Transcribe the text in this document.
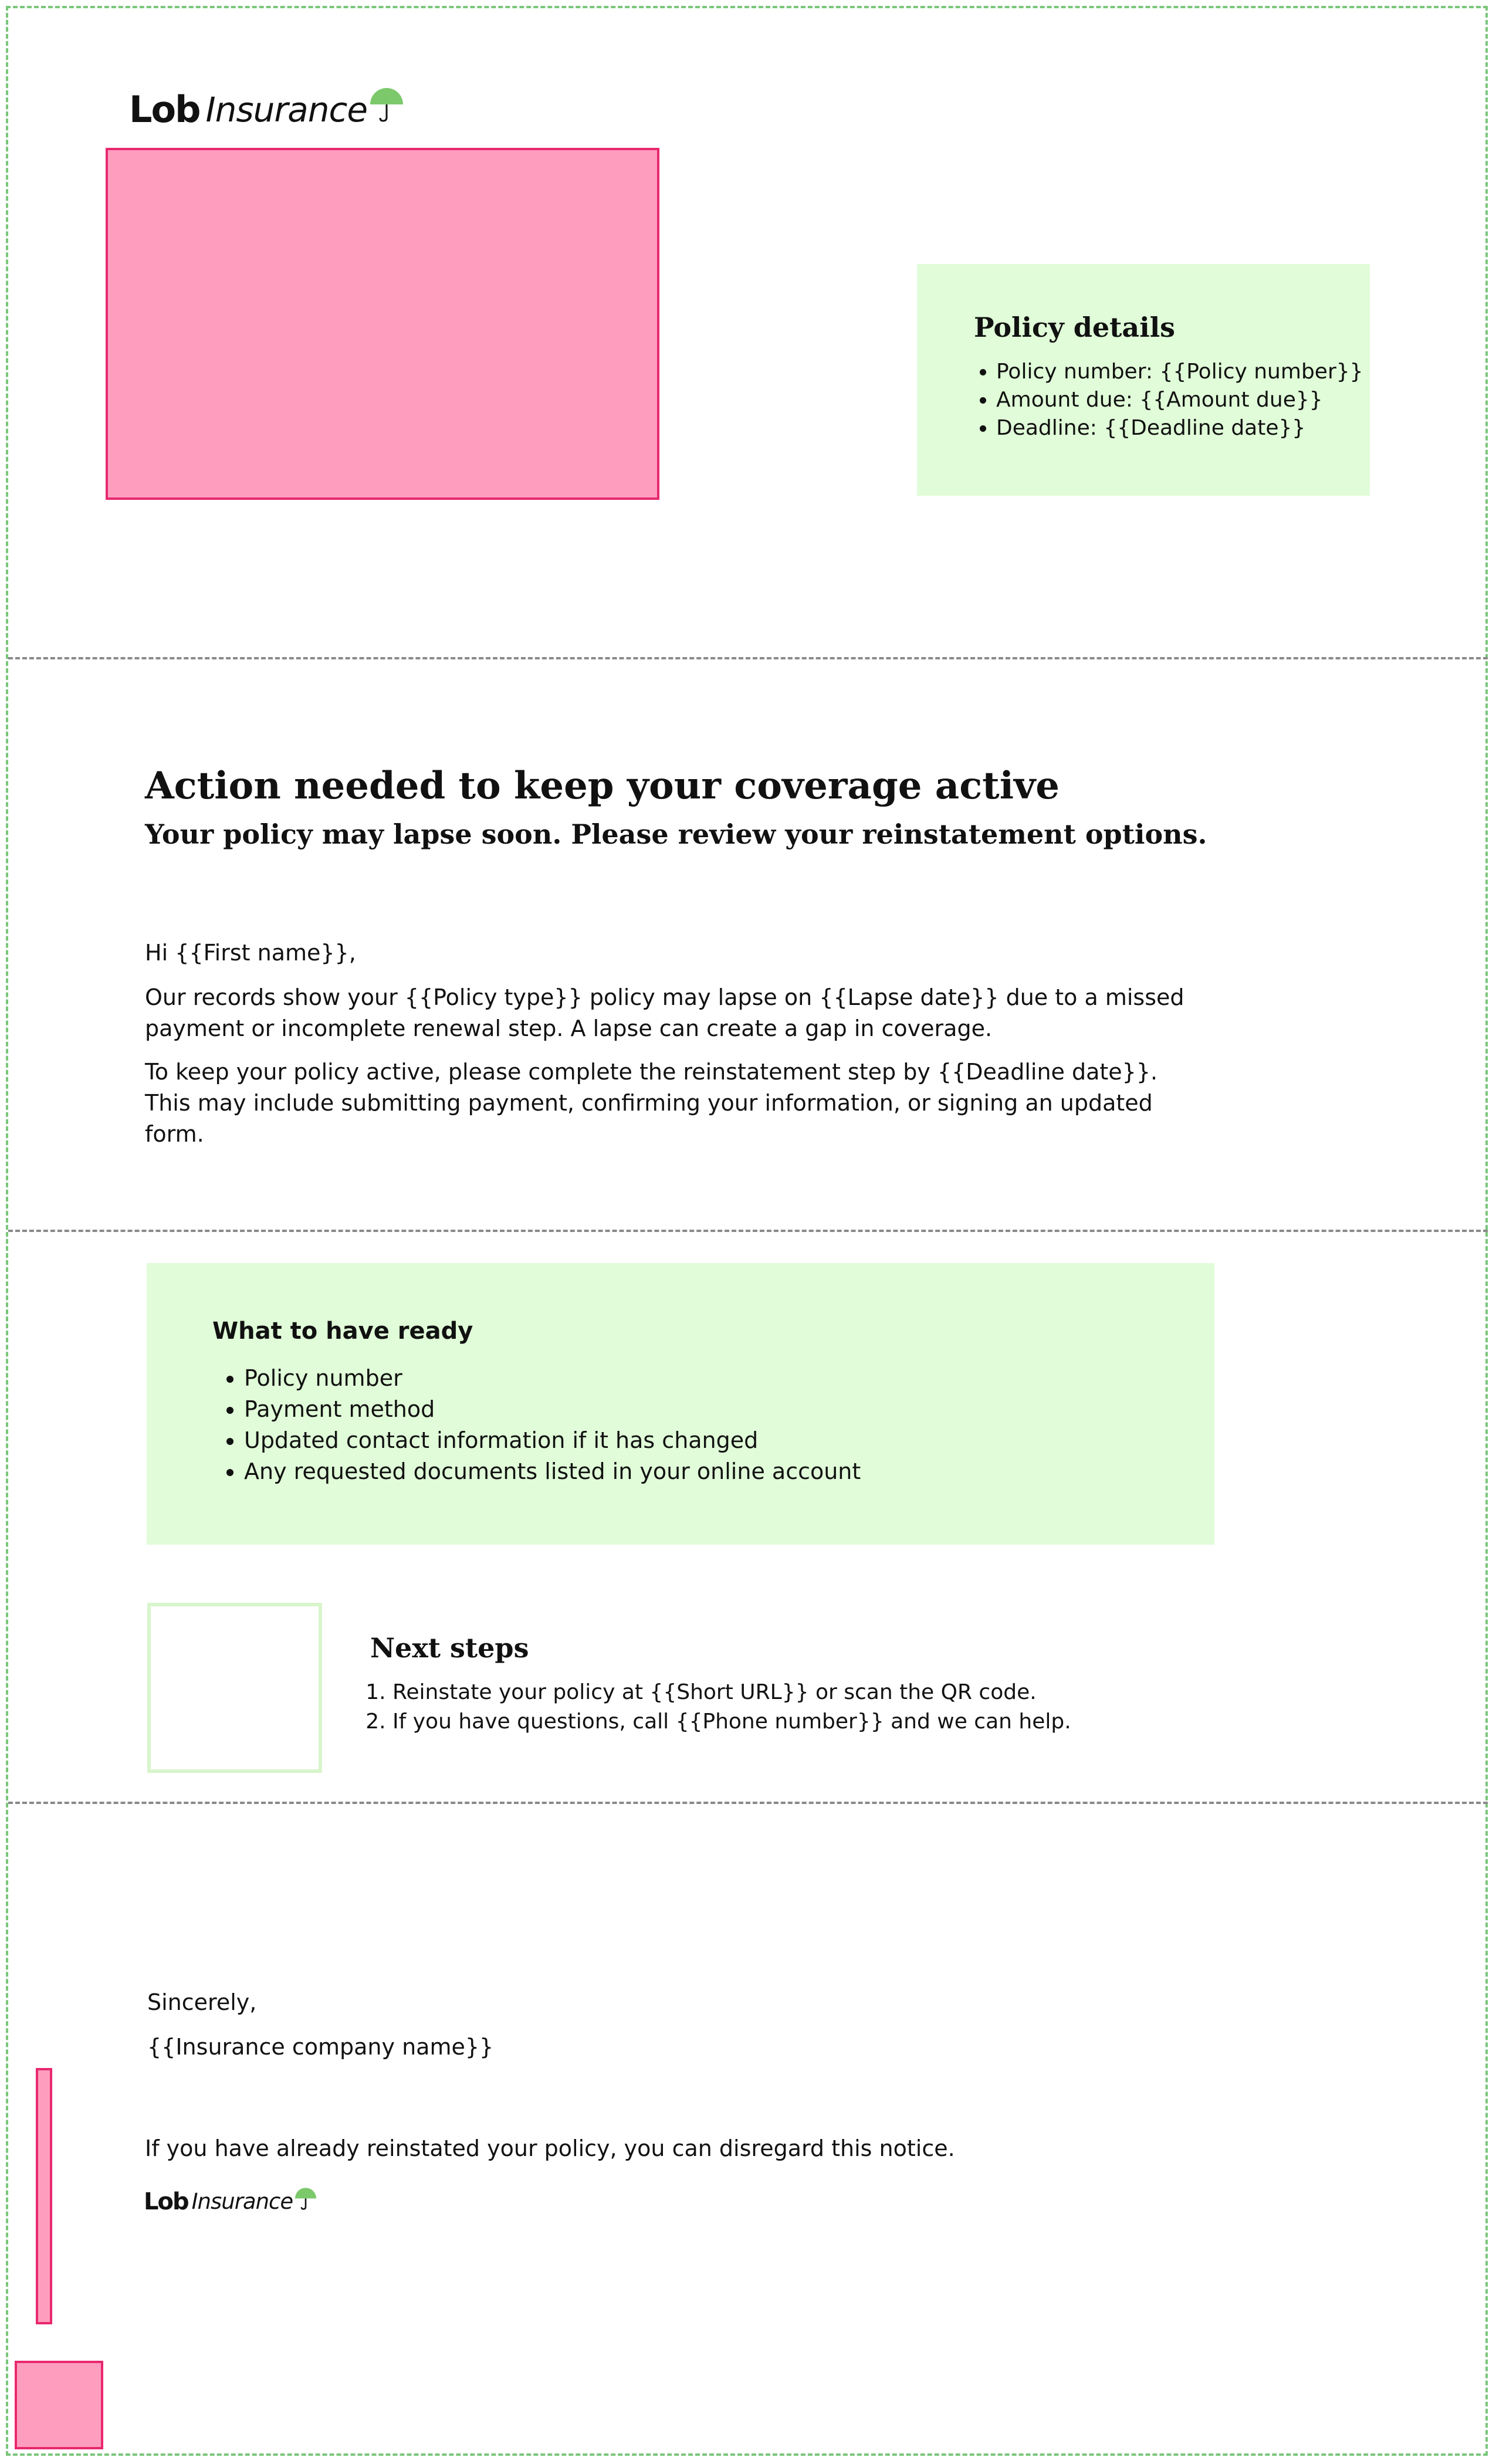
Lob Insurance
Policy details
• Policy number: {{Policy number}}
• Amount due: {{Amount due}}
• Deadline: {{Deadline date}}
Action needed to keep your coverage active
Your policy may lapse soon. Please review your reinstatement options.
Hi {{First name}},

Our records show your {{Policy type}} policy may lapse on {{Lapse date}} due to a missed payment or incomplete renewal step. A lapse can create a gap in coverage.

To keep your policy active, please complete the reinstatement step by {{Deadline date}}. This may include submitting payment, confirming your information, or signing an updated form.

What to have ready
• Policy number
• Payment method
• Updated contact information if it has changed
• Any requested documents listed in your online account
Next steps
1. Reinstate your policy at {{Short URL}} or scan the QR code.
2. If you have questions, call {{Phone number}} and we can help.
Sincerely,
{{Insurance company name}}
If you have already reinstated your policy, you can disregard this notice.
Lob Insurance
